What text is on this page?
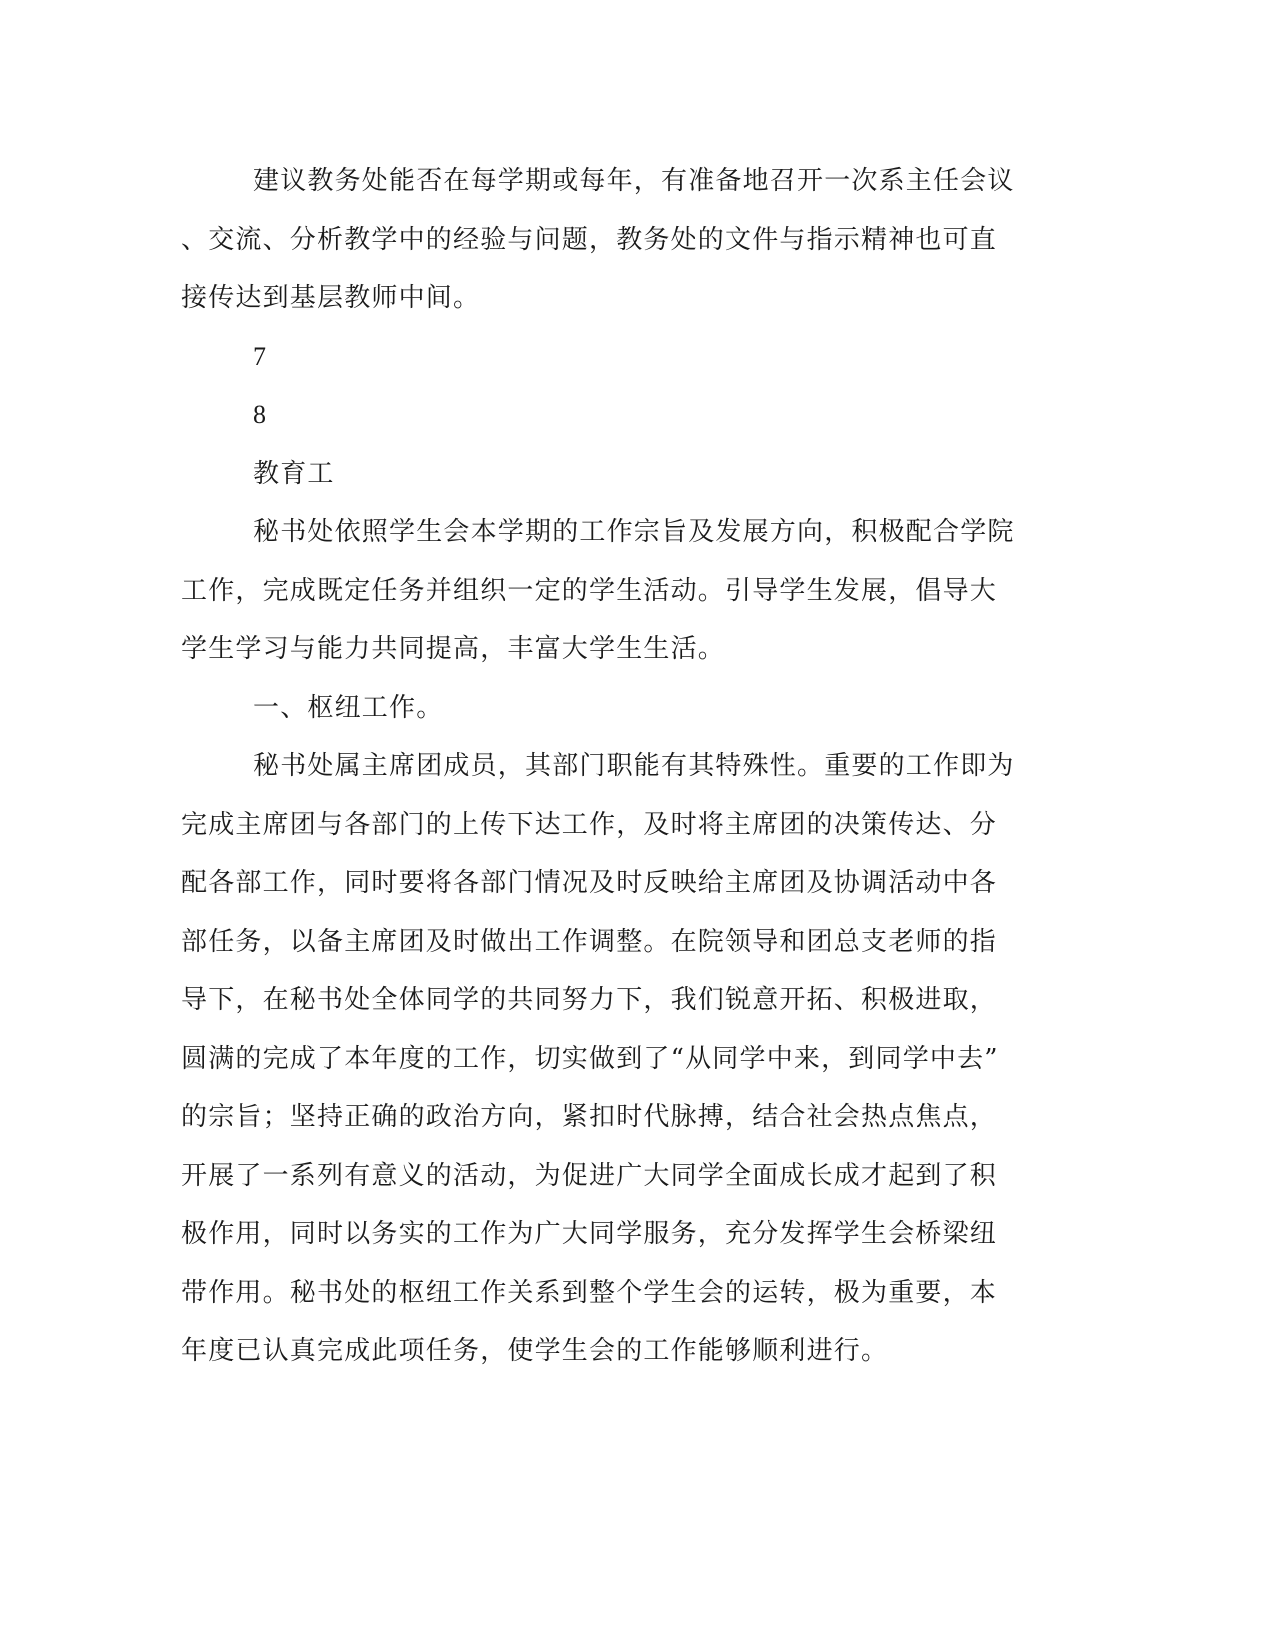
建议教务处能否在每学期或每年，有准备地召开一次系主任会议
、交流、分析教学中的经验与问题，教务处的文件与指示精神也可直
接传达到基层教师中间。
7
8
教育工
秘书处依照学生会本学期的工作宗旨及发展方向，积极配合学院
工作，完成既定任务并组织一定的学生活动。引导学生发展，倡导大
学生学习与能力共同提高，丰富大学生生活。
一、枢纽工作。
秘书处属主席团成员，其部门职能有其特殊性。重要的工作即为
完成主席团与各部门的上传下达工作，及时将主席团的决策传达、分
配各部工作，同时要将各部门情况及时反映给主席团及协调活动中各
部任务，以备主席团及时做出工作调整。在院领导和团总支老师的指
导下，在秘书处全体同学的共同努力下，我们锐意开拓、积极进取，
圆满的完成了本年度的工作，切实做到了“从同学中来，到同学中去”
的宗旨；坚持正确的政治方向，紧扣时代脉搏，结合社会热点焦点，
开展了一系列有意义的活动，为促进广大同学全面成长成才起到了积
极作用，同时以务实的工作为广大同学服务，充分发挥学生会桥梁纽
带作用。秘书处的枢纽工作关系到整个学生会的运转，极为重要，本
年度已认真完成此项任务，使学生会的工作能够顺利进行。
